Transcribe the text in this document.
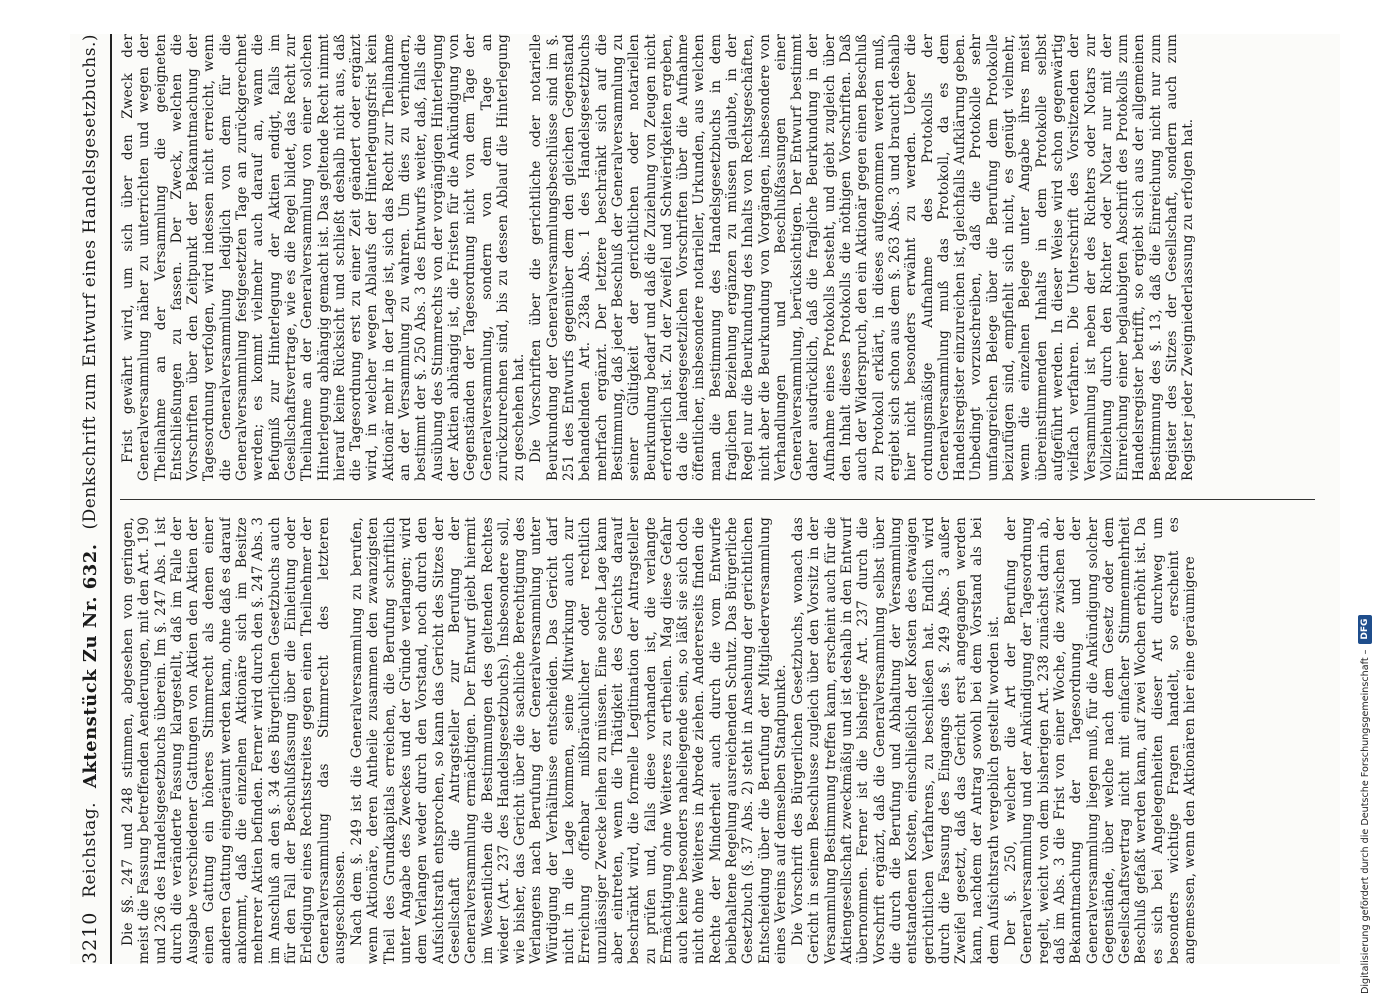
3210
Reichstag.
Aktenstück Zu Nr. 632.
(Denkschrift zum Entwurf eines Handelsgesetzbuchs.)

Die §§. 247 und 248 stimmen, abgesehen von geringen, meist die Fassung betreffenden Aenderungen, mit den Art. 190 und 236 des Handelsgesetzbuchs überein. Im §. 247 Abs. 1 ist durch die veränderte Fassung klargestellt, daß im Falle der Ausgabe verschiedener Gattungen von Aktien den Aktien der einen Gattung ein höheres Stimmrecht als denen einer anderen Gattung eingeräumt werden kann, ohne daß es darauf ankommt, daß die einzelnen Aktionäre sich im Besitze mehrerer Aktien befinden. Ferner wird durch den §. 247 Abs. 3 im Anschluß an den §. 34 des Bürgerlichen Gesetzbuchs auch für den Fall der Beschlußfassung über die Einleitung oder Erledigung eines Rechtsstreites gegen einen Theilnehmer der Generalversammlung das Stimmrecht des letzteren ausgeschlossen. Nach dem §. 249 ist die Generalversammlung zu berufen, wenn Aktionäre, deren Antheile zusammen den zwanzigsten Theil des Grundkapitals erreichen, die Berufung schriftlich unter Angabe des Zweckes und der Gründe verlangen; wird dem Verlangen weder durch den Vorstand, noch durch den Aufsichtsrath entsprochen, so kann das Gericht des Sitzes der Gesellschaft die Antragsteller zur Berufung der Generalversammlung ermächtigen. Der Entwurf giebt hiermit im Wesentlichen die Bestimmungen des geltenden Rechtes wieder (Art. 237 des Handelsgesetzbuchs). Insbesondere soll, wie bisher, das Gericht über die sachliche Berechtigung des Verlangens nach Berufung der Generalversammlung unter Würdigung der Verhältnisse entscheiden. Das Gericht darf nicht in die Lage kommen, seine Mitwirkung auch zur Erreichung offenbar mißbräuchlicher oder rechtlich unzulässiger Zwecke leihen zu müssen. Eine solche Lage kann aber eintreten, wenn die Thätigkeit des Gerichts darauf beschränkt wird, die formelle Legitimation der Antragsteller zu prüfen und, falls diese vorhanden ist, die verlangte Ermächtigung ohne Weiteres zu ertheilen. Mag diese Gefahr auch keine besonders naheliegende sein, so läßt sie sich doch nicht ohne Weiteres in Abrede ziehen. Andererseits finden die Rechte der Minderheit auch durch die vom Entwurfe beibehaltene Regelung ausreichenden Schutz. Das Bürgerliche Gesetzbuch (§. 37 Abs. 2) steht in Ansehung der gerichtlichen Entscheidung über die Berufung der Mitgliederversammlung eines Vereins auf demselben Standpunkte. Die Vorschrift des Bürgerlichen Gesetzbuchs, wonach das Gericht in seinem Beschlusse zugleich über den Vorsitz in der Versammlung Bestimmung treffen kann, erscheint auch für die Aktiengesellschaft zweckmäßig und ist deshalb in den Entwurf übernommen. Ferner ist die bisherige Art. 237 durch die Vorschrift ergänzt, daß die Generalversammlung selbst über die durch die Berufung und Abhaltung der Versammlung entstandenen Kosten, einschließlich der Kosten des etwaigen gerichtlichen Verfahrens, zu beschließen hat. Endlich wird durch die Fassung des Eingangs des §. 249 Abs. 3 außer Zweifel gesetzt, daß das Gericht erst angegangen werden kann, nachdem der Antrag sowohl bei dem Vorstand als bei dem Aufsichtsrath vergeblich gestellt worden ist. Der §. 250, welcher die Art der Berufung der Generalversammlung und der Ankündigung der Tagesordnung regelt, weicht von dem bisherigen Art. 238 zunächst darin ab, daß im Abs. 3 die Frist von einer Woche, die zwischen der Bekanntmachung der Tagesordnung und der Generalversammlung liegen muß, für die Ankündigung solcher Gegenstände, über welche nach dem Gesetz oder dem Gesellschaftsvertrag nicht mit einfacher Stimmenmehrheit Beschluß gefaßt werden kann, auf zwei Wochen erhöht ist. Da es sich bei Angelegenheiten dieser Art durchweg um besonders wichtige Fragen handelt, so erscheint es angemessen, wenn den Aktionären hier eine geräumigere

Frist gewährt wird, um sich über den Zweck der Generalversammlung näher zu unterrichten und wegen der Theilnahme an der Versammlung die geeigneten Entschließungen zu fassen. Der Zweck, welchen die Vorschriften über den Zeitpunkt der Bekanntmachung der Tagesordnung verfolgen, wird indessen nicht erreicht, wenn die Generalversammlung lediglich von dem für die Generalversammlung festgesetzten Tage an zurückgerechnet werden; es kommt vielmehr auch darauf an, wann die Befugniß zur Hinterlegung der Aktien endigt, falls im Gesellschaftsvertrage, wie es die Regel bildet, das Recht zur Theilnahme an der Generalversammlung von einer solchen Hinterlegung abhängig gemacht ist. Das geltende Recht nimmt hierauf keine Rücksicht und schließt deshalb nicht aus, daß die Tagesordnung erst zu einer Zeit geändert oder ergänzt wird, in welcher wegen Ablaufs der Hinterlegungsfrist kein Aktionär mehr in der Lage ist, sich das Recht zur Theilnahme an der Versammlung zu wahren. Um dies zu verhindern, bestimmt der §. 250 Abs. 3 des Entwurfs weiter, daß, falls die Ausübung des Stimmrechts von der vorgängigen Hinterlegung der Aktien abhängig ist, die Fristen für die Ankündigung von Gegenständen der Tagesordnung nicht von dem Tage der Generalversammlung, sondern von dem Tage an zurückzurechnen sind, bis zu dessen Ablauf die Hinterlegung zu geschehen hat. Die Vorschriften über die gerichtliche oder notarielle Beurkundung der Generalversammlungsbeschlüsse sind im §. 251 des Entwurfs gegenüber dem den gleichen Gegenstand behandelnden Art. 238a Abs. 1 des Handelsgesetzbuchs mehrfach ergänzt. Der letztere beschränkt sich auf die Bestimmung, daß jeder Beschluß der Generalversammlung zu seiner Gültigkeit der gerichtlichen oder notariellen Beurkundung bedarf und daß die Zuziehung von Zeugen nicht erforderlich ist. Zu der Zweifel und Schwierigkeiten ergeben, da die landesgesetzlichen Vorschriften über die Aufnahme öffentlicher, insbesondere notarieller, Urkunden, aus welchen man die Bestimmung des Handelsgesetzbuchs in dem fraglichen Beziehung ergänzen zu müssen glaubte, in der Regel nur die Beurkundung des Inhalts von Rechtsgeschäften, nicht aber die Beurkundung von Vorgängen, insbesondere von Verhandlungen und Beschlußfassungen einer Generalversammlung, berücksichtigen. Der Entwurf bestimmt daher ausdrücklich, daß die fragliche Beurkundung in der Aufnahme eines Protokolls besteht, und giebt zugleich über den Inhalt dieses Protokolls die nöthigen Vorschriften. Daß auch der Widerspruch, den ein Aktionär gegen einen Beschluß zu Protokoll erklärt, in dieses aufgenommen werden muß, ergiebt sich schon aus dem §. 263 Abs. 3 und braucht deshalb hier nicht besonders erwähnt zu werden. Ueber die ordnungsmäßige Aufnahme des Protokolls der Generalversammlung muß das Protokoll, da es dem Handelsregister einzureichen ist, gleichfalls Aufklärung geben. Unbedingt vorzuschreiben, daß die Protokolle sehr umfangreichen Belege über die Berufung dem Protokolle beizufügen sind, empfiehlt sich nicht, es genügt vielmehr, wenn die einzelnen Belege unter Angabe ihres meist übereinstimmenden Inhalts in dem Protokolle selbst aufgeführt werden. In dieser Weise wird schon gegenwärtig vielfach verfahren. Die Unterschrift des Vorsitzenden der Versammlung ist neben der des Richters oder Notars zur Vollziehung durch den Richter oder Notar nur mit der Einreichung einer beglaubigten Abschrift des Protokolls zum Handelsregister betrifft, so ergiebt sich aus der allgemeinen Bestimmung des §. 13, daß die Einreichung nicht nur zum Register des Sitzes der Gesellschaft, sondern auch zum Register jeder Zweigniederlassung zu erfolgen hat.

Digitalisierung gefördert durch die Deutsche Forschungsgemeinschaft –
DFG
